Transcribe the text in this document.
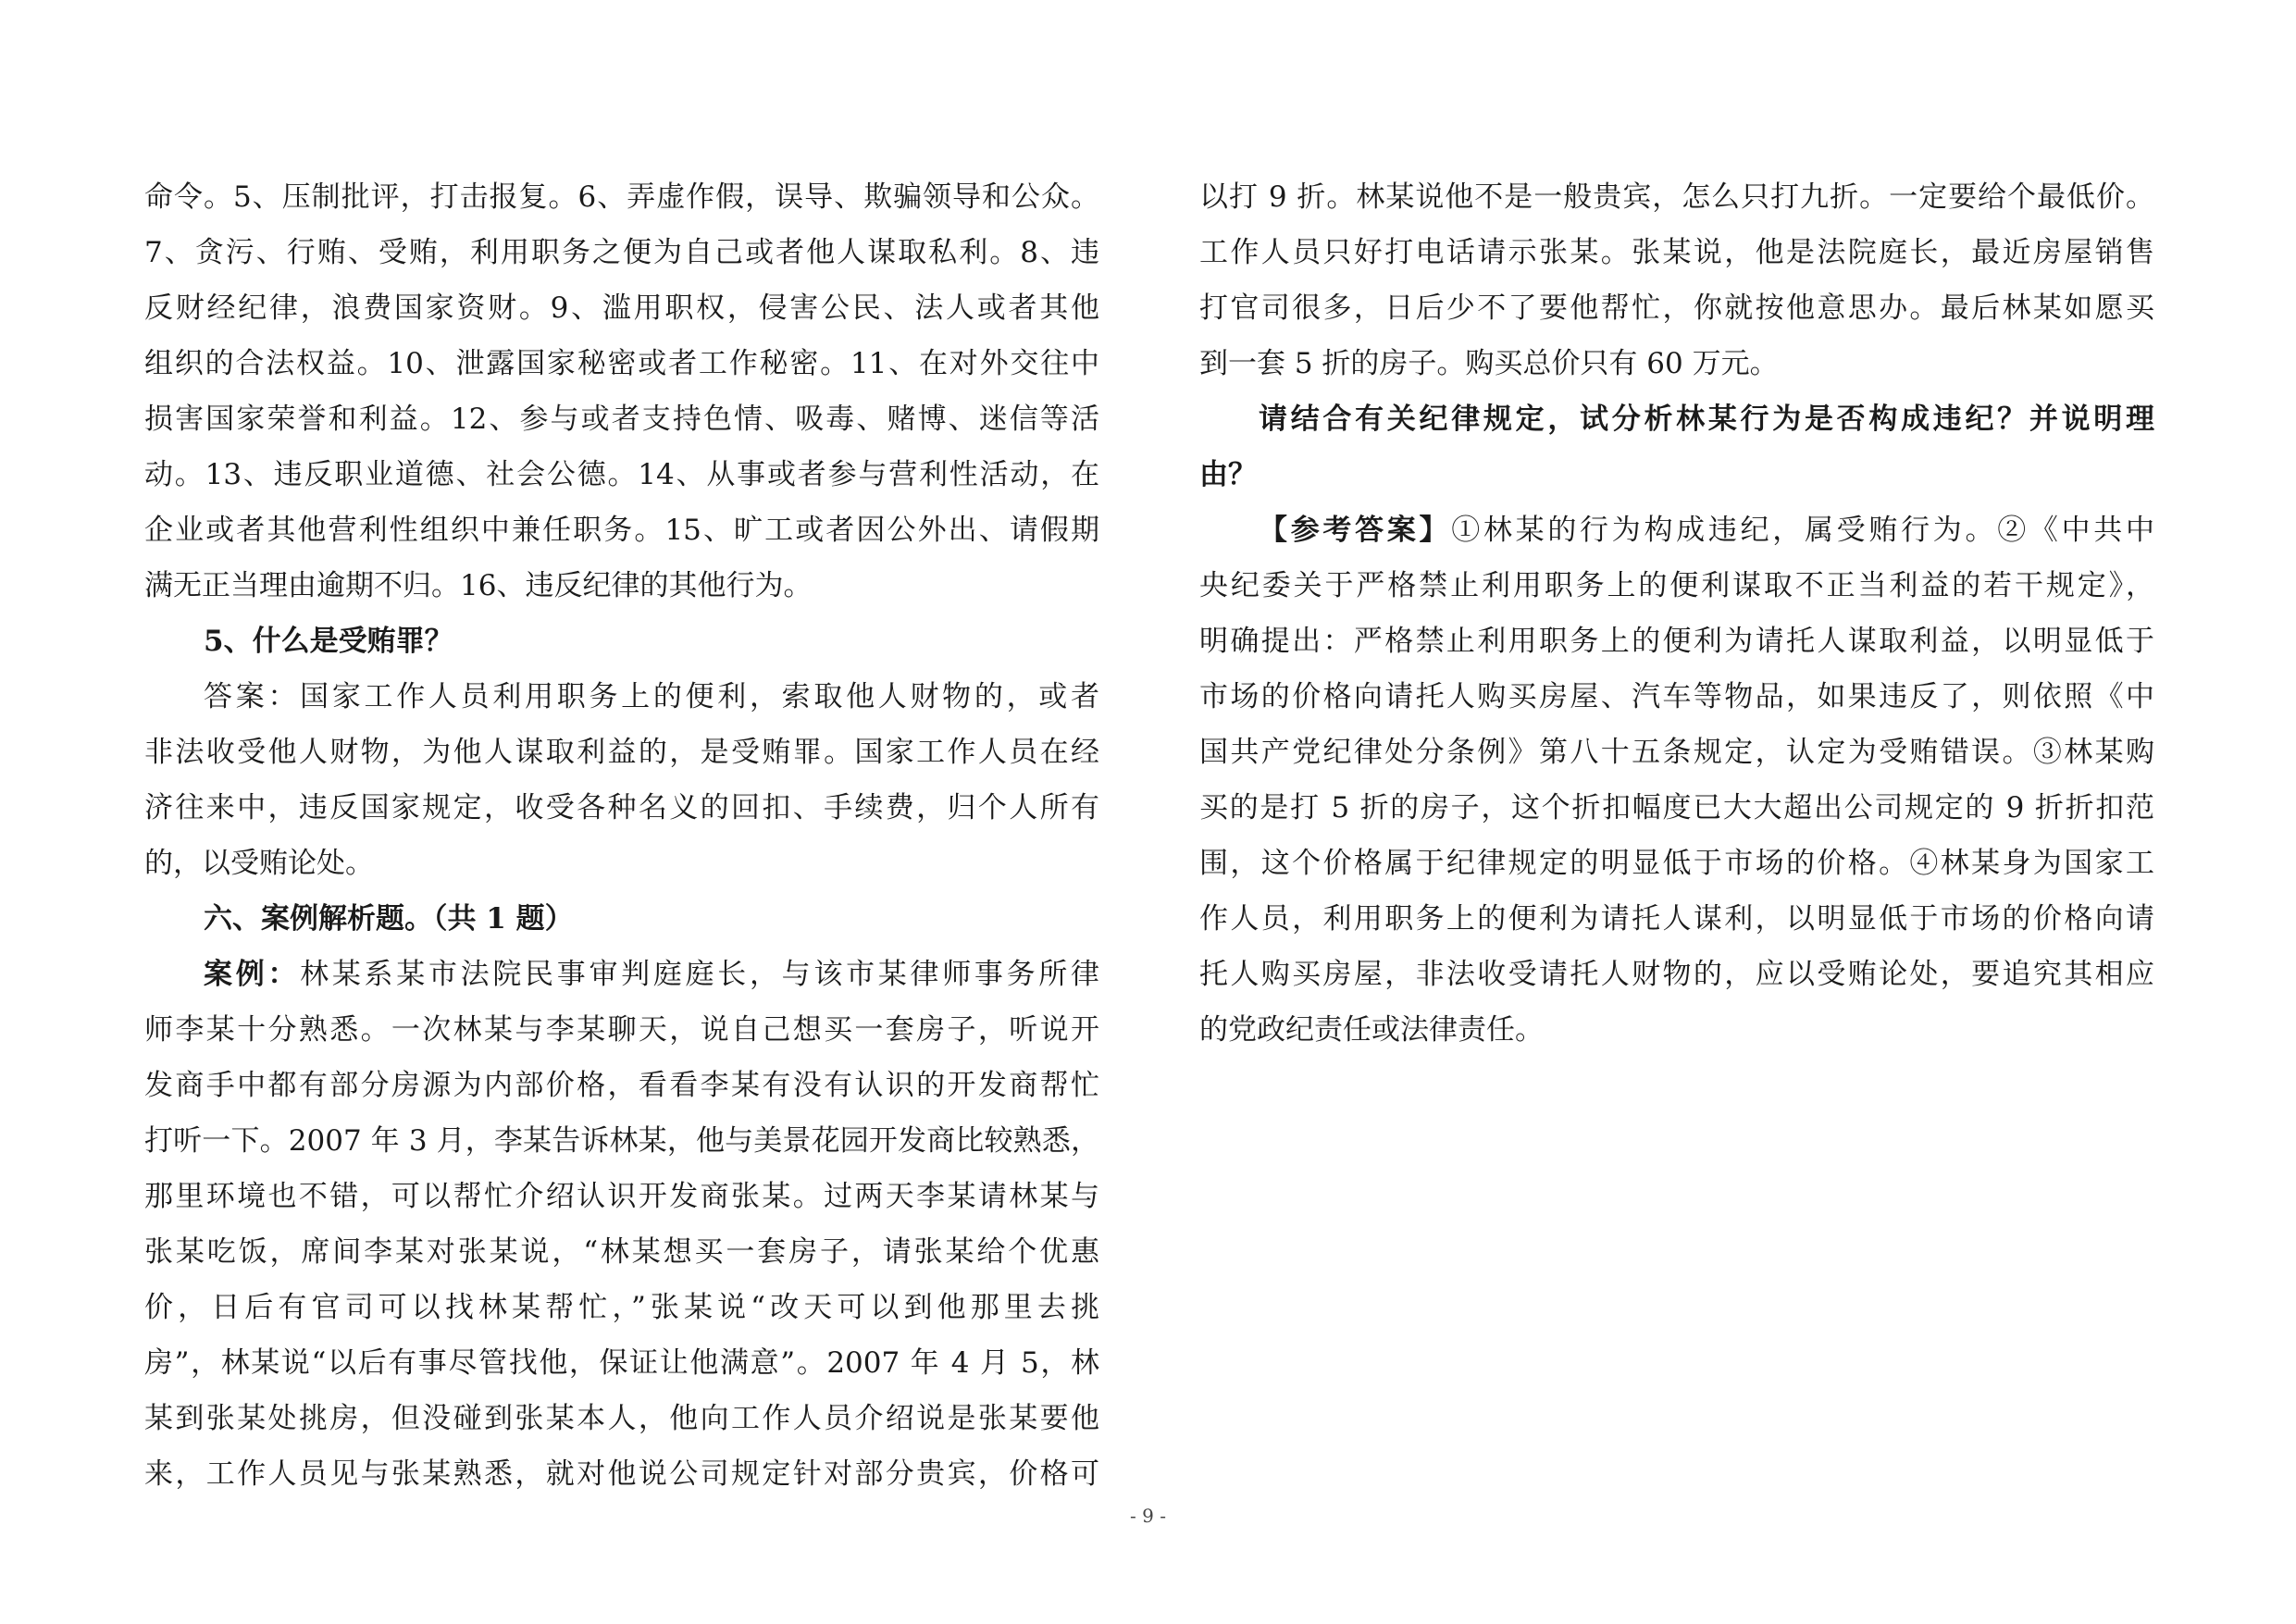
命令。5、压制批评，打击报复。6、弄虚作假，误导、欺骗领导和公众。
7、贪污、行贿、受贿，利用职务之便为自己或者他人谋取私利。8、违
反财经纪律，浪费国家资财。9、滥用职权，侵害公民、法人或者其他
组织的合法权益。10、泄露国家秘密或者工作秘密。11、在对外交往中
损害国家荣誉和利益。12、参与或者支持色情、吸毒、赌博、迷信等活
动。13、违反职业道德、社会公德。14、从事或者参与营利性活动，在
企业或者其他营利性组织中兼任职务。15、旷工或者因公外出、请假期
满无正当理由逾期不归。16、违反纪律的其他行为。
5、什么是受贿罪？
答案：国家工作人员利用职务上的便利，索取他人财物的，或者
非法收受他人财物，为他人谋取利益的，是受贿罪。国家工作人员在经
济往来中，违反国家规定，收受各种名义的回扣、手续费，归个人所有
的，以受贿论处。
六、案例解析题。（共 1 题）
案例：林某系某市法院民事审判庭庭长，与该市某律师事务所律
师李某十分熟悉。一次林某与李某聊天，说自己想买一套房子，听说开
发商手中都有部分房源为内部价格，看看李某有没有认识的开发商帮忙
打听一下。2007 年 3 月，李某告诉林某，他与美景花园开发商比较熟悉，
那里环境也不错，可以帮忙介绍认识开发商张某。过两天李某请林某与
张某吃饭，席间李某对张某说，“林某想买一套房子，请张某给个优惠
价，日后有官司可以找林某帮忙，”张某说“改天可以到他那里去挑
房”，林某说“以后有事尽管找他，保证让他满意”。2007 年 4 月 5，林
某到张某处挑房，但没碰到张某本人，他向工作人员介绍说是张某要他
来，工作人员见与张某熟悉，就对他说公司规定针对部分贵宾，价格可
以打 9 折。林某说他不是一般贵宾，怎么只打九折。一定要给个最低价。
工作人员只好打电话请示张某。张某说，他是法院庭长，最近房屋销售
打官司很多，日后少不了要他帮忙，你就按他意思办。最后林某如愿买
到一套 5 折的房子。购买总价只有 60 万元。
请结合有关纪律规定，试分析林某行为是否构成违纪？并说明理
由？
【参考答案】①林某的行为构成违纪，属受贿行为。②《中共中
央纪委关于严格禁止利用职务上的便利谋取不正当利益的若干规定》，
明确提出：严格禁止利用职务上的便利为请托人谋取利益，以明显低于
市场的价格向请托人购买房屋、汽车等物品，如果违反了，则依照《中
国共产党纪律处分条例》第八十五条规定，认定为受贿错误。③林某购
买的是打 5 折的房子，这个折扣幅度已大大超出公司规定的 9 折折扣范
围，这个价格属于纪律规定的明显低于市场的价格。④林某身为国家工
作人员，利用职务上的便利为请托人谋利，以明显低于市场的价格向请
托人购买房屋，非法收受请托人财物的，应以受贿论处，要追究其相应
的党政纪责任或法律责任。
- 9 -
